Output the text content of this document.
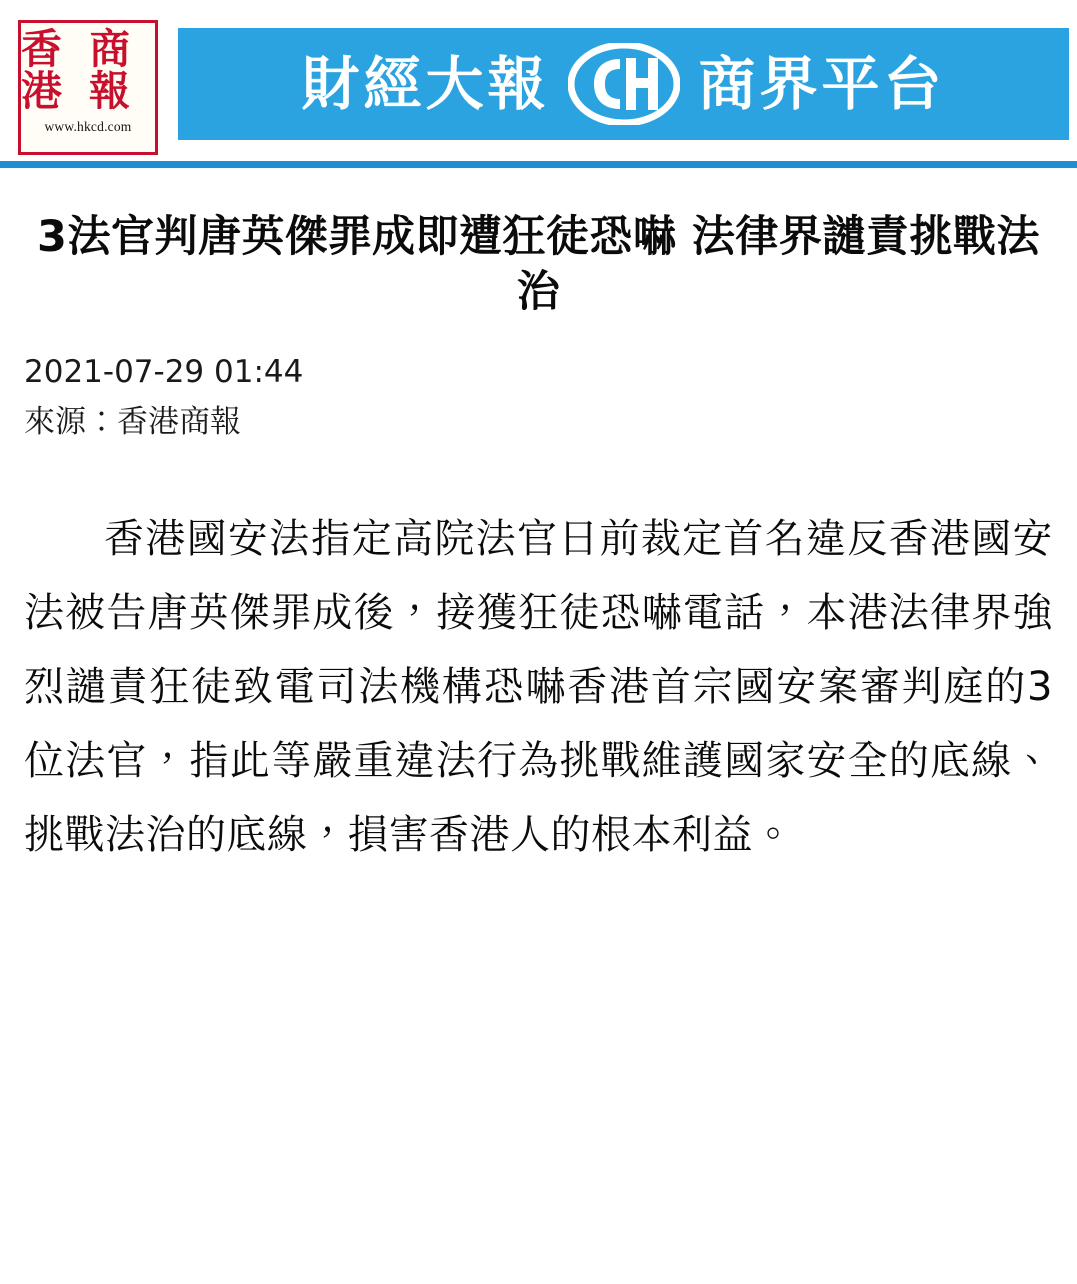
香港
商報
www.hkcd.com
財經大報	商界平台
3法官判唐英傑罪成即遭狂徒恐嚇 法律界譴責挑戰法治
2021-07-29 01:44
來源：香港商報

香港國安法指定高院法官日前裁定首名違反香港國安法被告唐英傑罪成後，接獲狂徒恐嚇電話，本港法律界強烈譴責狂徒致電司法機構恐嚇香港首宗國安案審判庭的3位法官，指此等嚴重違法行為挑戰維護國家安全的底線、挑戰法治的底線，損害香港人的根本利益。
